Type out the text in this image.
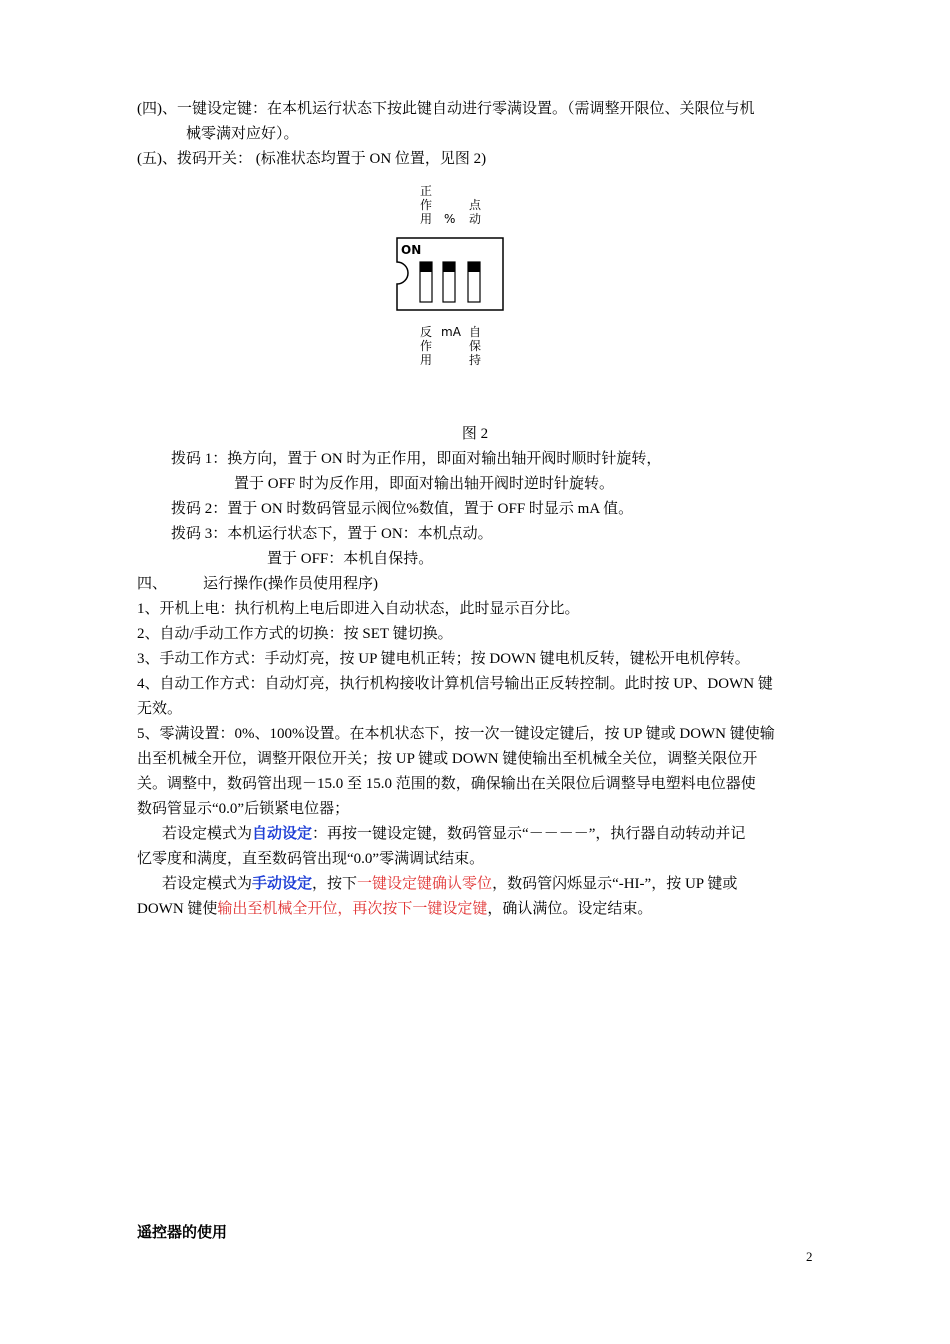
(四)、一键设定键：在本机运行状态下按此键自动进行零满设置。（需调整开限位、关限位与机
械零满对应好）。
(五)、拨码开关： (标准状态均置于 ON 位置，见图 2)
正
作
用 %
点
动
ON
反
作
用
mA 自
保
持
图 2
拨码 1：换方向，置于 ON 时为正作用，即面对输出轴开阀时顺时针旋转，
置于 OFF 时为反作用，即面对输出轴开阀时逆时针旋转。
拨码 2：置于 ON 时数码管显示阀位%数值，置于 OFF 时显示 mA 值。
拨码 3：本机运行状态下，置于 ON：本机点动。
置于 OFF：本机自保持。
四、 运行操作(操作员使用程序)
1、开机上电：执行机构上电后即进入自动状态，此时显示百分比。
2、自动/手动工作方式的切换：按 SET 键切换。
3、手动工作方式：手动灯亮，按 UP 键电机正转；按 DOWN 键电机反转，键松开电机停转。
4、自动工作方式：自动灯亮，执行机构接收计算机信号输出正反转控制。此时按 UP、DOWN 键
无效。
5、零满设置：0%、100%设置。在本机状态下，按一次一键设定键后，按 UP 键或 DOWN 键使输
出至机械全开位，调整开限位开关；按 UP 键或 DOWN 键使输出至机械全关位，调整关限位开
关。调整中，数码管出现－15.0 至 15.0 范围的数，确保输出在关限位后调整导电塑料电位器使
数码管显示“0.0”后锁紧电位器；
若设定模式为自动设定：再按一键设定键，数码管显示“－－－－”，执行器自动转动并记
忆零度和满度，直至数码管出现“0.0”零满调试结束。
若设定模式为手动设定，按下一键设定键确认零位，数码管闪烁显示“-HI-”，按 UP 键或
DOWN 键使输出至机械全开位，再次按下一键设定键，确认满位。设定结束。
遥控器的使用
2
